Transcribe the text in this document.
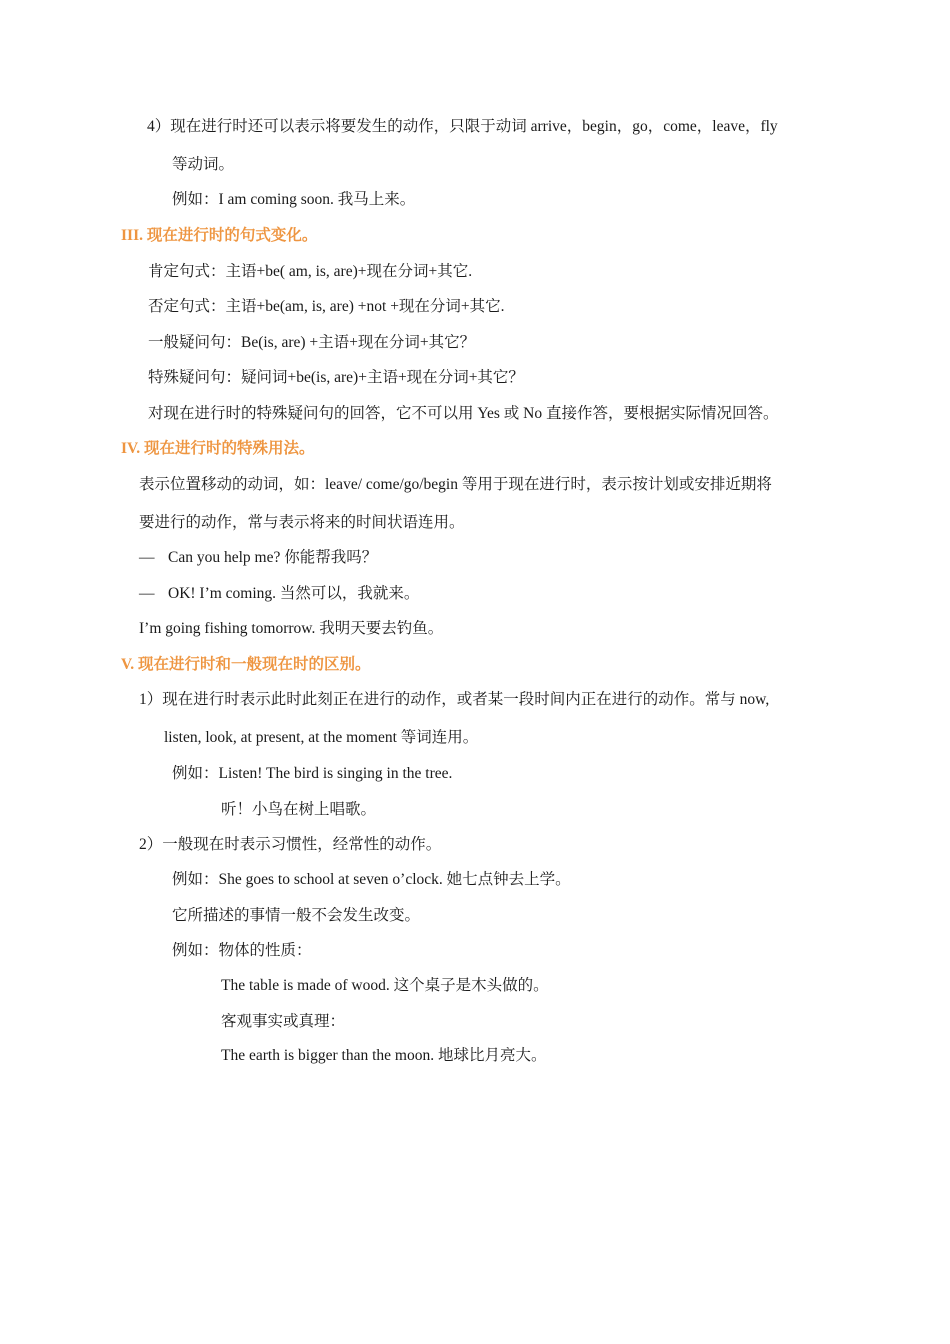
4）现在进行时还可以表示将要发生的动作，只限于动词 arrive，begin，go，come，leave，fly
等动词。
例如：I am coming soon. 我马上来。
III. 现在进行时的句式变化。
肯定句式：主语+be( am, is, are)+现在分词+其它.
否定句式：主语+be(am, is, are) +not +现在分词+其它.
一般疑问句：Be(is, are) +主语+现在分词+其它？
特殊疑问句：疑问词+be(is, are)+主语+现在分词+其它？
对现在进行时的特殊疑问句的回答，它不可以用 Yes 或 No 直接作答，要根据实际情况回答。
IV. 现在进行时的特殊用法。
表示位置移动的动词，如：leave/ come/go/begin 等用于现在进行时，表示按计划或安排近期将
要进行的动作，常与表示将来的时间状语连用。
— Can you help me? 你能帮我吗？
— OK! I’m coming. 当然可以，我就来。
I’m going fishing tomorrow. 我明天要去钓鱼。
V. 现在进行时和一般现在时的区别。
1）现在进行时表示此时此刻正在进行的动作，或者某一段时间内正在进行的动作。常与 now,
listen, look, at present, at the moment 等词连用。
例如：Listen! The bird is singing in the tree.
听！小鸟在树上唱歌。
2）一般现在时表示习惯性，经常性的动作。
例如：She goes to school at seven o’clock. 她七点钟去上学。
它所描述的事情一般不会发生改变。
例如：物体的性质：
The table is made of wood. 这个桌子是木头做的。
客观事实或真理：
The earth is bigger than the moon. 地球比月亮大。
